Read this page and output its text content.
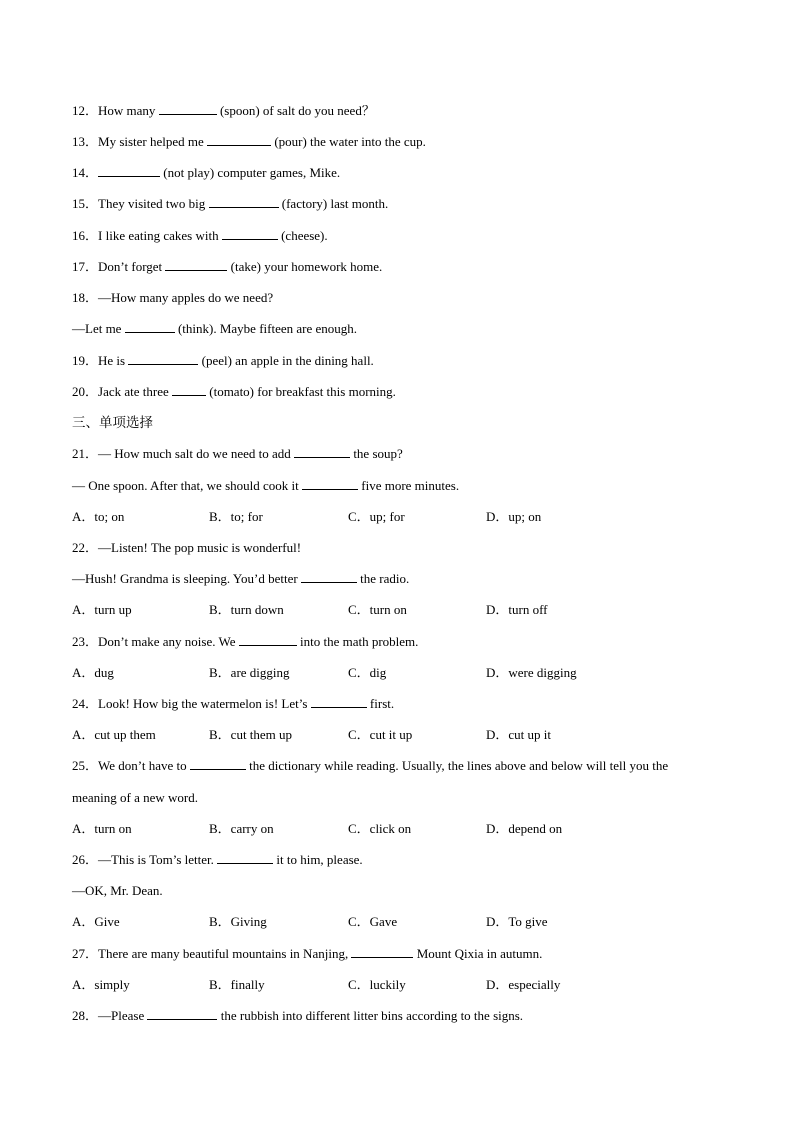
12．How many	(spoon) of salt do you need？
13．My sister helped me	(pour) the water into the cup.
14．	(not play) computer games, Mike.
15．They visited two big	(factory) last month.
16．I like eating cakes with	(cheese).
17．Don’t forget	(take) your homework home.
18．—How many apples do we need?
—Let me	(think). Maybe fifteen are enough.
19．He is	(peel) an apple in the dining hall.
20．Jack ate three	(tomato) for breakfast this morning.
三、单项选择
21．— How much salt do we need to add	the soup?
— One spoon. After that, we should cook it	five more minutes.
A．to; on	B．to; for	C．up; for	D．up; on
22．—Listen! The pop music is wonderful!
—Hush! Grandma is sleeping. You’d better	the radio.
A．turn up	B．turn down	C．turn on	D．turn off
23．Don’t make any noise. We	into the math problem.
A．dug	B．are digging	C．dig	D．were digging
24．Look! How big the watermelon is! Let’s	first.
A．cut up them	B．cut them up	C．cut it up	D．cut up it
25．We don’t have to	the dictionary while reading. Usually, the lines above and below will tell you the
meaning of a new word.
A．turn on	B．carry on	C．click on	D．depend on
26．—This is Tom’s letter.	it to him, please.
—OK, Mr. Dean.
A．Give	B．Giving	C．Gave	D．To give
27．There are many beautiful mountains in Nanjing,	Mount Qixia in autumn.
A．simply	B．finally	C．luckily	D．especially
28．—Please	the rubbish into different litter bins according to the signs.
